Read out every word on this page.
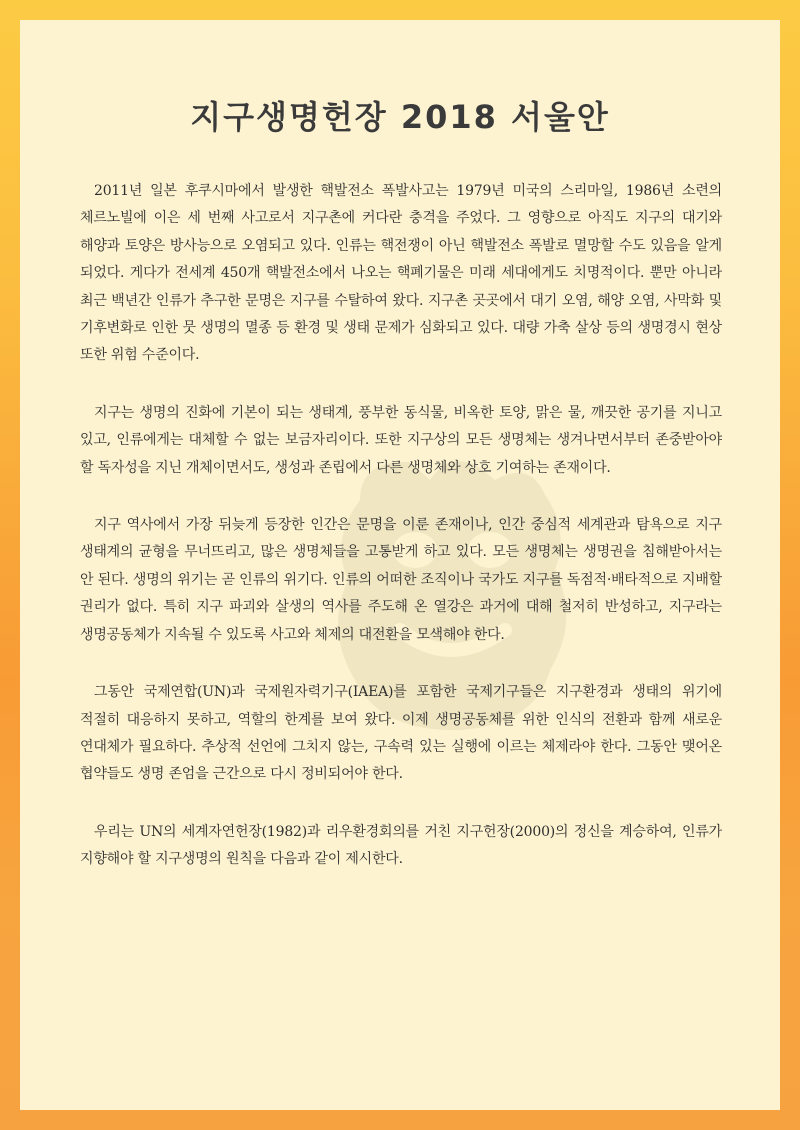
지구생명헌장 2018 서울안

2011년 일본 후쿠시마에서 발생한 핵발전소 폭발사고는 1979년 미국의 스리마일, 1986년 소련의 체르노빌에 이은 세 번째 사고로서 지구촌에 커다란 충격을 주었다. 그 영향으로 아직도 지구의 대기와 해양과 토양은 방사능으로 오염되고 있다. 인류는 핵전쟁이 아닌 핵발전소 폭발로 멸망할 수도 있음을 알게 되었다. 게다가 전세계 450개 핵발전소에서 나오는 핵폐기물은 미래 세대에게도 치명적이다. 뿐만 아니라 최근 백년간 인류가 추구한 문명은 지구를 수탈하여 왔다. 지구촌 곳곳에서 대기 오염, 해양 오염, 사막화 및 기후변화로 인한 뭇 생명의 멸종 등 환경 및 생태 문제가 심화되고 있다. 대량 가축 살상 등의 생명경시 현상 또한 위험 수준이다.

지구는 생명의 진화에 기본이 되는 생태계, 풍부한 동식물, 비옥한 토양, 맑은 물, 깨끗한 공기를 지니고 있고, 인류에게는 대체할 수 없는 보금자리이다. 또한 지구상의 모든 생명체는 생겨나면서부터 존중받아야 할 독자성을 지닌 개체이면서도, 생성과 존립에서 다른 생명체와 상호 기여하는 존재이다.

지구 역사에서 가장 뒤늦게 등장한 인간은 문명을 이룬 존재이나, 인간 중심적 세계관과 탐욕으로 지구 생태계의 균형을 무너뜨리고, 많은 생명체들을 고통받게 하고 있다. 모든 생명체는 생명권을 침해받아서는 안 된다. 생명의 위기는 곧 인류의 위기다. 인류의 어떠한 조직이나 국가도 지구를 독점적·배타적으로 지배할 권리가 없다. 특히 지구 파괴와 살생의 역사를 주도해 온 열강은 과거에 대해 철저히 반성하고, 지구라는 생명공동체가 지속될 수 있도록 사고와 체제의 대전환을 모색해야 한다.

그동안 국제연합(UN)과 국제원자력기구(IAEA)를 포함한 국제기구들은 지구환경과 생태의 위기에 적절히 대응하지 못하고, 역할의 한계를 보여 왔다. 이제 생명공동체를 위한 인식의 전환과 함께 새로운 연대체가 필요하다. 추상적 선언에 그치지 않는, 구속력 있는 실행에 이르는 체제라야 한다. 그동안 맺어온 협약들도 생명 존엄을 근간으로 다시 정비되어야 한다.

우리는 UN의 세계자연헌장(1982)과 리우환경회의를 거친 지구헌장(2000)의 정신을 계승하여, 인류가 지향해야 할 지구생명의 원칙을 다음과 같이 제시한다.
